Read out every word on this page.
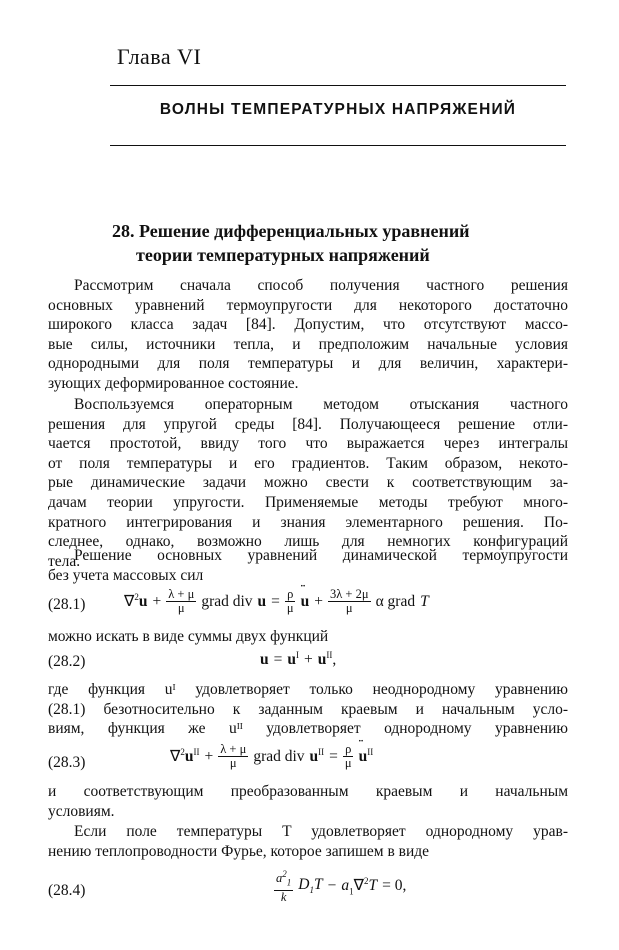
Глава VI
ВОЛНЫ ТЕМПЕРАТУРНЫХ НАПРЯЖЕНИЙ
28. Решение дифференциальных уравнений
теории температурных напряжений
Рассмотрим сначала способ получения частного решения
основных уравнений термоупругости для некоторого достаточно
широкого класса задач [84]. Допустим, что отсутствуют массо-
вые силы, источники тепла, и предположим начальные условия
однородными для поля температуры и для величин, характери-
зующих деформированное состояние.
Воспользуемся операторным методом отыскания частного
решения для упругой среды [84]. Получающееся решение отли-
чается простотой, ввиду того что выражается через интегралы
от поля температуры и его градиентов. Таким образом, некото-
рые динамические задачи можно свести к соответствующим за-
дачам теории упругости. Применяемые методы требуют много-
кратного интегрирования и знания элементарного решения. По-
следнее, однако, возможно лишь для немногих конфигураций
тела.
Решение основных уравнений динамической термоупругости
без учета массовых сил
(28.1) $\nabla^2u + \frac{\lambda + \mu}{\mu}$ grad div $u = \frac{\rho}{\mu}$ ¨ $u + \frac{3\lambda + 2\mu}{\mu}$ α grad T
можно искать в виде суммы двух функций
(28.2)	$u = u^I + u^{II}$,
где функция uᴵ удовлетворяет только неоднородному уравнению
(28.1) безотносительно к заданным краевым и начальным усло-
виям, функция же uᴵᴵ удовлетворяет однородному уравнению
(28.3)	$\nabla^2u^{II} + \frac{\lambda + \mu}{\mu}$ grad div $u^{II} = \frac{\rho}{\mu}$ ¨ $u^{II}$
и соответствующим преобразованным краевым и начальным
условиям.
Если поле температуры T удовлетворяет однородному урав-
нению теплопроводности Фурье, которое запишем в виде
(28.4)	$\frac{a^2_1}{k} D_1T - a_1\nabla^2T = 0$,
